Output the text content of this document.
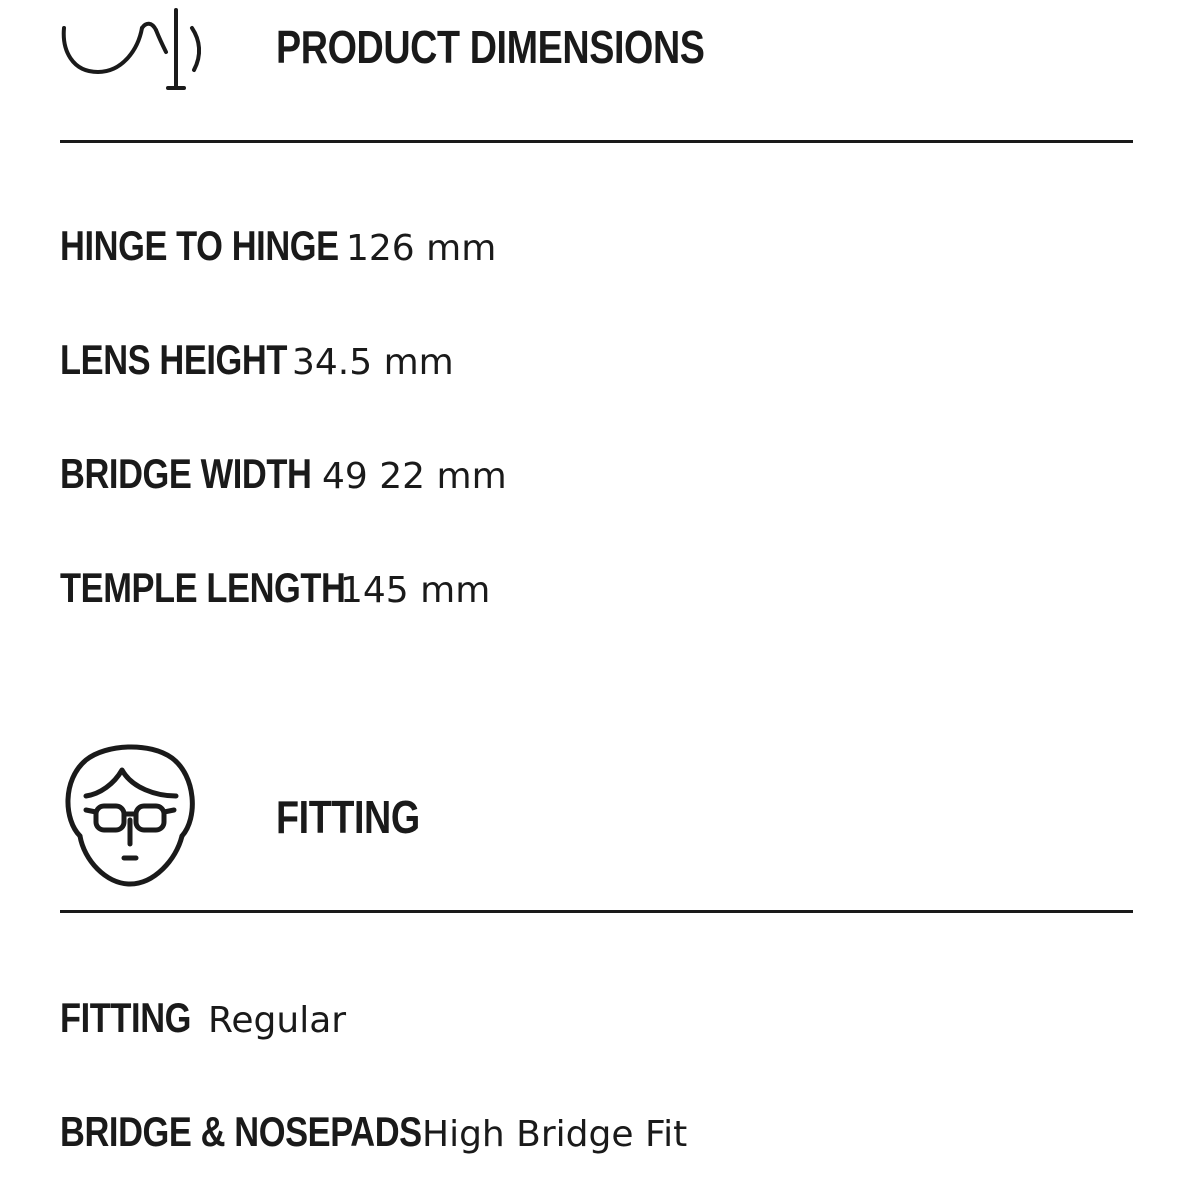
PRODUCT DIMENSIONS
HINGE TO HINGE 126 mm
LENS HEIGHT 34.5 mm
BRIDGE WIDTH 49 22 mm
TEMPLE LENGTH
145 mm
FITTING
FITTING Regular
BRIDGE & NOSEPADS High Bridge Fit
